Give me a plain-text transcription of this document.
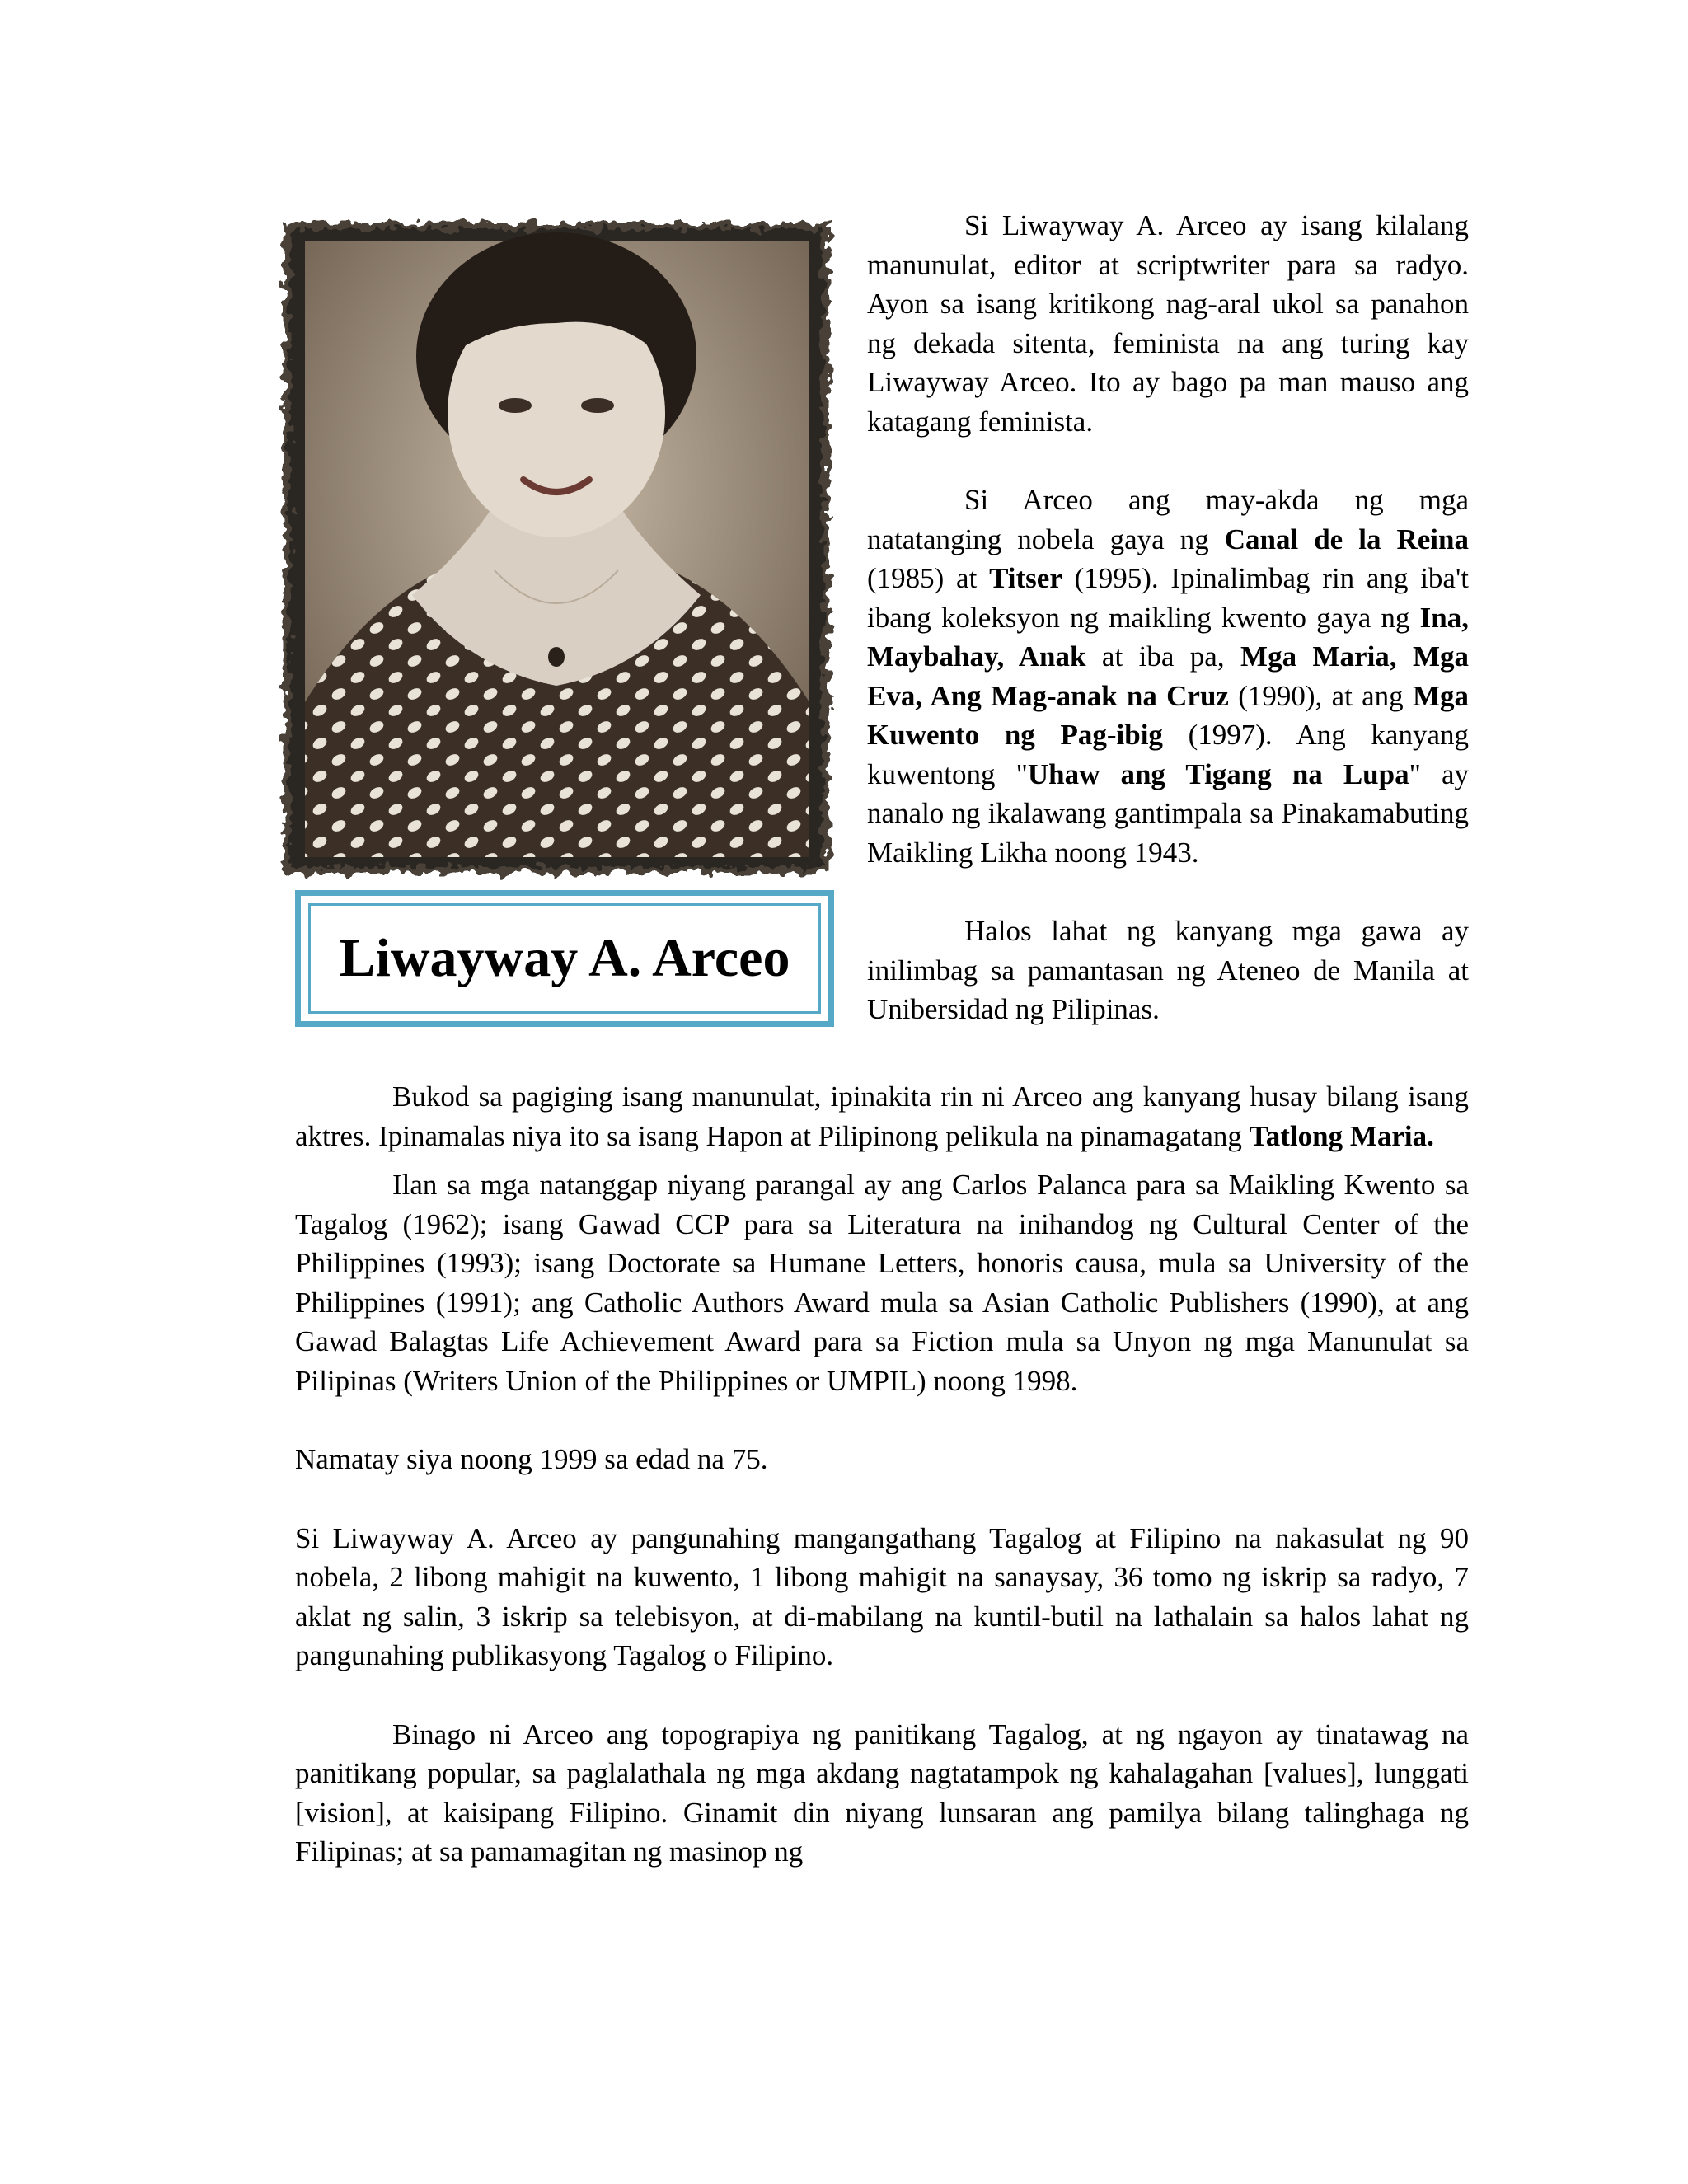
Liwayway A. Arceo

Si Liwayway A. Arceo ay isang kilalang manunulat, editor at scriptwriter para sa radyo. Ayon sa isang kritikong nag-aral ukol sa panahon ng dekada sitenta, feminista na ang turing kay Liwayway Arceo. Ito ay bago pa man mauso ang katagang feminista.

Si Arceo ang may-akda ng mga natatanging nobela gaya ng Canal de la Reina (1985) at Titser (1995). Ipinalimbag rin ang iba't ibang koleksyon ng maikling kwento gaya ng Ina, Maybahay, Anak at iba pa, Mga Maria, Mga Eva, Ang Mag-anak na Cruz (1990), at ang Mga Kuwento ng Pag-ibig (1997). Ang kanyang kuwentong "Uhaw ang Tigang na Lupa" ay nanalo ng ikalawang gantimpala sa Pinakamabuting Maikling Likha noong 1943.

Halos lahat ng kanyang mga gawa ay inilimbag sa pamantasan ng Ateneo de Manila at Unibersidad ng Pilipinas.

Bukod sa pagiging isang manunulat, ipinakita rin ni Arceo ang kanyang husay bilang isang aktres. Ipinamalas niya ito sa isang Hapon at Pilipinong pelikula na pinamagatang Tatlong Maria.

Ilan sa mga natanggap niyang parangal ay ang Carlos Palanca para sa Maikling Kwento sa Tagalog (1962); isang Gawad CCP para sa Literatura na inihandog ng Cultural Center of the Philippines (1993); isang Doctorate sa Humane Letters, honoris causa, mula sa University of the Philippines (1991); ang Catholic Authors Award mula sa Asian Catholic Publishers (1990), at ang Gawad Balagtas Life Achievement Award para sa Fiction mula sa Unyon ng mga Manunulat sa Pilipinas (Writers Union of the Philippines or UMPIL) noong 1998.

Namatay siya noong 1999 sa edad na 75.

Si Liwayway A. Arceo ay pangunahing mangangathang Tagalog at Filipino na nakasulat ng 90 nobela, 2 libong mahigit na kuwento, 1 libong mahigit na sanaysay, 36 tomo ng iskrip sa radyo, 7 aklat ng salin, 3 iskrip sa telebisyon, at di-mabilang na kuntil-butil na lathalain sa halos lahat ng pangunahing publikasyong Tagalog o Filipino.

Binago ni Arceo ang topograpiya ng panitikang Tagalog, at ng ngayon ay tinatawag na panitikang popular, sa paglalathala ng mga akdang nagtatampok ng kahalagahan [values], lunggati [vision], at kaisipang Filipino. Ginamit din niyang lunsaran ang pamilya bilang talinghaga ng Filipinas; at sa pamamagitan ng masinop ng
